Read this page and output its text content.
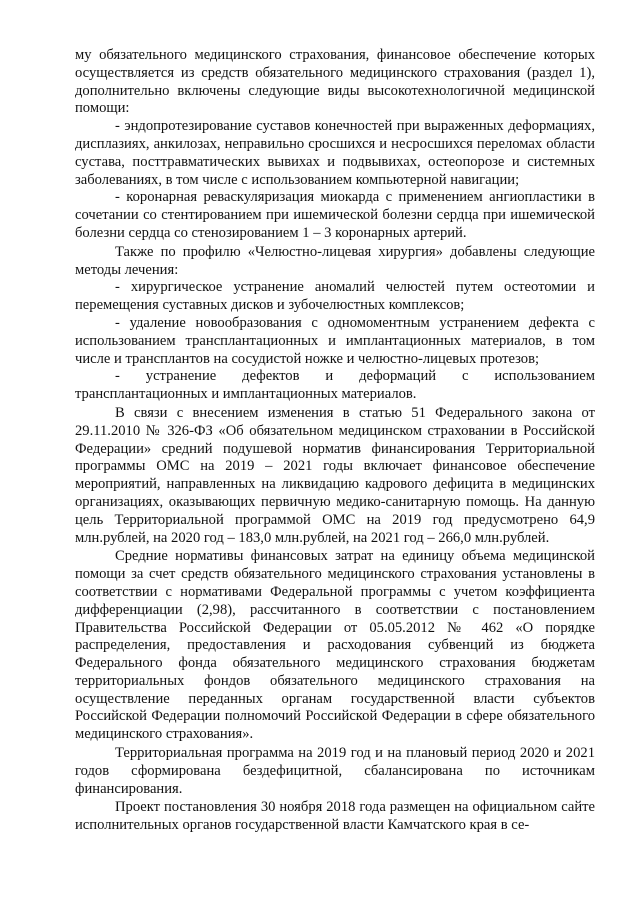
му обязательного медицинского страхования, финансовое обеспечение которых осуществляется из средств обязательного медицинского страхования (раздел 1), дополнительно включены следующие виды высокотехнологичной медицинской помощи:

- эндопротезирование суставов конечностей при выраженных деформациях, дисплазиях, анкилозах, неправильно сросшихся и несросшихся переломах области сустава, посттравматических вывихах и подвывихах, остеопорозе и системных заболеваниях, в том числе с использованием компьютерной навигации;

- коронарная реваскуляризация миокарда с применением ангиопластики в сочетании со стентированием при ишемической болезни сердца при ишемической болезни сердца со стенозированием 1 – 3 коронарных артерий.

Также по профилю «Челюстно-лицевая хирургия» добавлены следующие методы лечения:

- хирургическое устранение аномалий челюстей путем остеотомии и перемещения суставных дисков и зубочелюстных комплексов;

- удаление новообразования с одномоментным устранением дефекта с использованием трансплантационных и имплантационных материалов, в том числе и трансплантов на сосудистой ножке и челюстно-лицевых протезов;

- устранение дефектов и деформаций с использованием трансплантационных и имплантационных материалов.

В связи с внесением изменения в статью 51 Федерального закона от 29.11.2010 № 326-ФЗ «Об обязательном медицинском страховании в Российской Федерации» средний подушевой норматив финансирования Территориальной программы ОМС на 2019 – 2021 годы включает финансовое обеспечение мероприятий, направленных на ликвидацию кадрового дефицита в медицинских организациях, оказывающих первичную медико-санитарную помощь. На данную цель Территориальной программой ОМС на 2019 год предусмотрено 64,9 млн.рублей, на 2020 год – 183,0 млн.рублей, на 2021 год – 266,0 млн.рублей.

Средние нормативы финансовых затрат на единицу объема медицинской помощи за счет средств обязательного медицинского страхования установлены в соответствии с нормативами Федеральной программы с учетом коэффициента дифференциации (2,98), рассчитанного в соответствии с постановлением Правительства Российской Федерации от 05.05.2012 № 462 «О порядке распределения, предоставления и расходования субвенций из бюджета Федерального фонда обязательного медицинского страхования бюджетам территориальных фондов обязательного медицинского страхования на осуществление переданных органам государственной власти субъектов Российской Федерации полномочий Российской Федерации в сфере обязательного медицинского страхования».

Территориальная программа на 2019 год и на плановый период 2020 и 2021 годов сформирована бездефицитной, сбалансирована по источникам финансирования.

Проект постановления 30 ноября 2018 года размещен на официальном сайте исполнительных органов государственной власти Камчатского края в се-
